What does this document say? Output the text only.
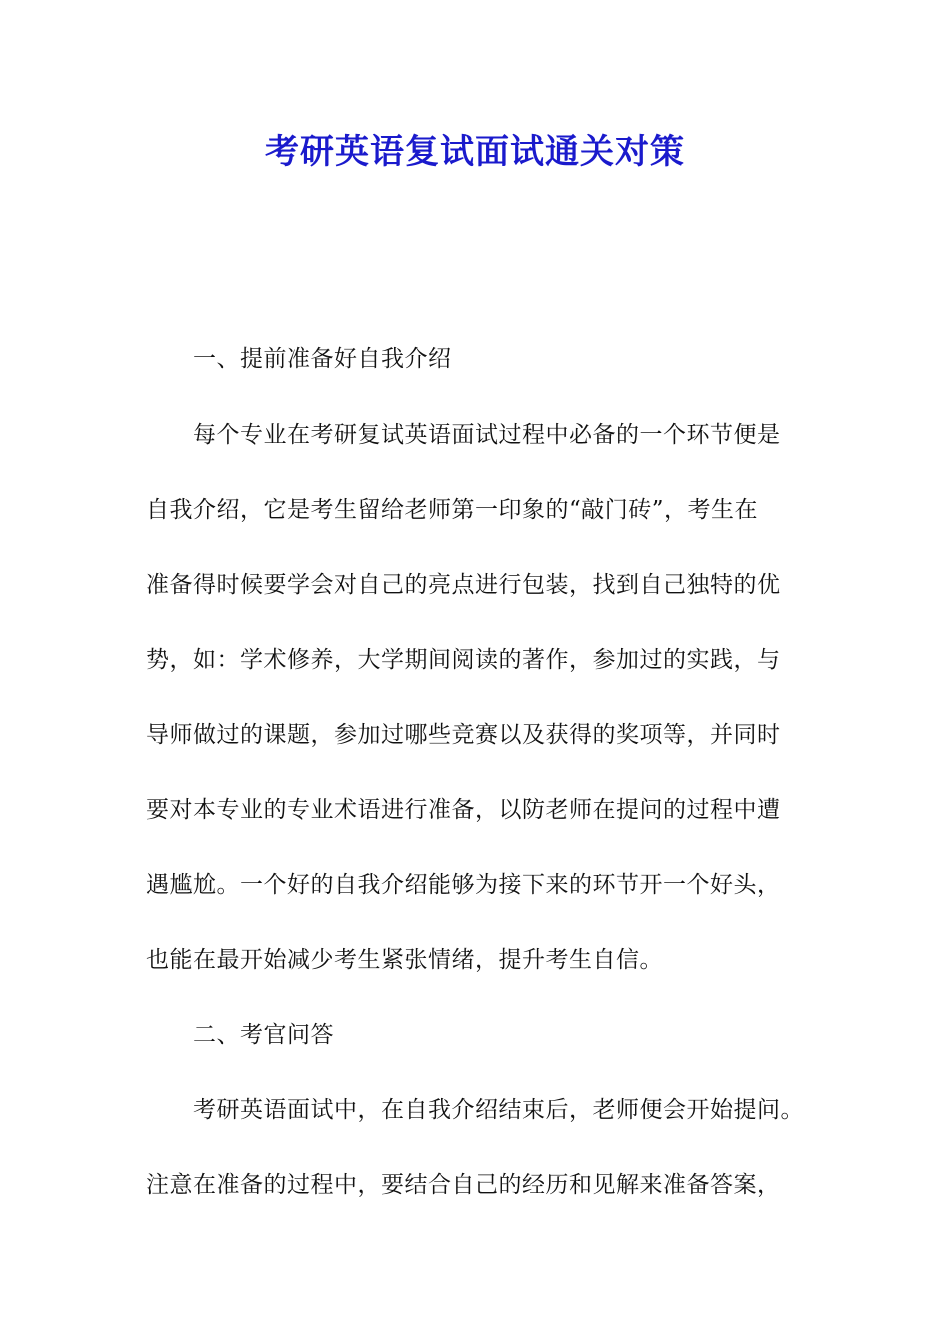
考研英语复试面试通关对策
一、提前准备好自我介绍
每个专业在考研复试英语面试过程中必备的一个环节便是
自我介绍，它是考生留给老师第一印象的“敲门砖”，考生在
准备得时候要学会对自己的亮点进行包装，找到自己独特的优
势，如：学术修养，大学期间阅读的著作，参加过的实践，与
导师做过的课题，参加过哪些竞赛以及获得的奖项等，并同时
要对本专业的专业术语进行准备，以防老师在提问的过程中遭
遇尴尬。一个好的自我介绍能够为接下来的环节开一个好头，
也能在最开始减少考生紧张情绪，提升考生自信。
二、考官问答
考研英语面试中，在自我介绍结束后，老师便会开始提问。
注意在准备的过程中，要结合自己的经历和见解来准备答案，
